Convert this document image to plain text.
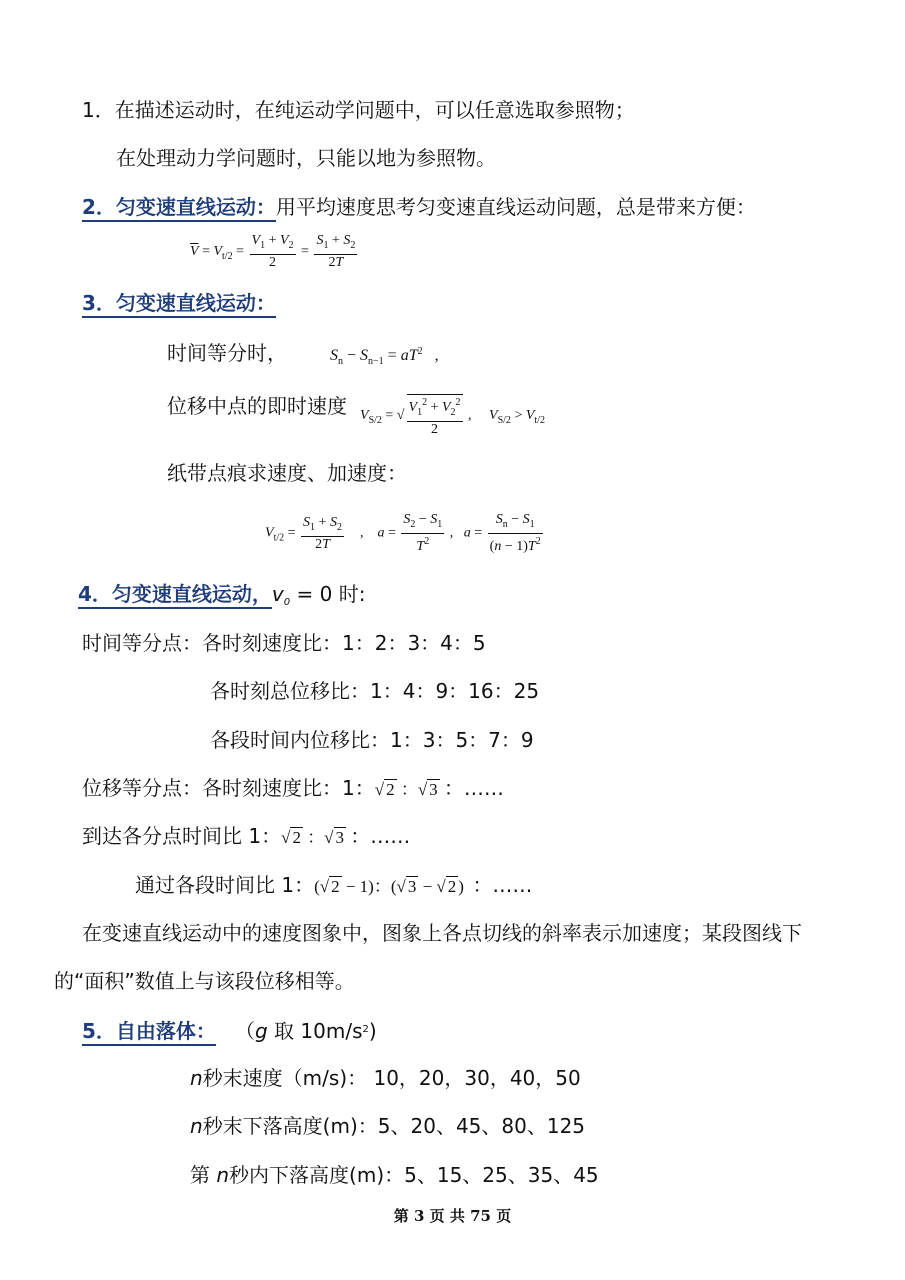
1．在描述运动时，在纯运动学问题中，可以任意选取参照物；
在处理动力学问题时，只能以地为参照物。
2．匀变速直线运动：用平均速度思考匀变速直线运动问题，总是带来方便：
$\overline{V} = V_{t/2} = \frac{V_1 + V_2}{2} = \frac{S_1 + S_2}{2T}$
3．匀变速直线运动：
时间等分时，	$S_n - S_{n-1} = aT^2$   ,
位移中点的即时速度 $V_{S/2}$ = √ $\frac{V_1^2 + V_2^2}{2}$ ,     $V_{S/2} > V_{t/2}$
纸带点痕求速度、加速度：
$V_{t/2} = \frac{S_1 + S_2}{2T}$ ,    $a = \frac{S_2 - S_1}{T^2}$ ,   $a = \frac{S_n - S_1}{(n - 1)T^2}$
4．匀变速直线运动，$v_0 = 0$ 时:
时间等分点：各时刻速度比：1：2：3：4：5
各时刻总位移比：1：4：9：16：25
各段时间内位移比：1：3：5：7：9
位移等分点：各时刻速度比：1：√ 2 ：√ 3 ：……
到达各分点时间比 1：√ 2 ：√ 3 ：……
通过各段时间比 1：(√ 2 − 1)：(√ 3 − √ 2 )  ：……
在变速直线运动中的速度图象中，图象上各点切线的斜率表示加速度；某段图线下
的“面积”数值上与该段位移相等。
5．自由落体： （g 取 $10m/s^2$)
n秒末速度（m/s)： 10，20，30，40，50
n秒末下落高度(m)：5、20、45、80、125
第 n秒内下落高度(m)：5、15、25、35、45
第 3 页 共 75 页
